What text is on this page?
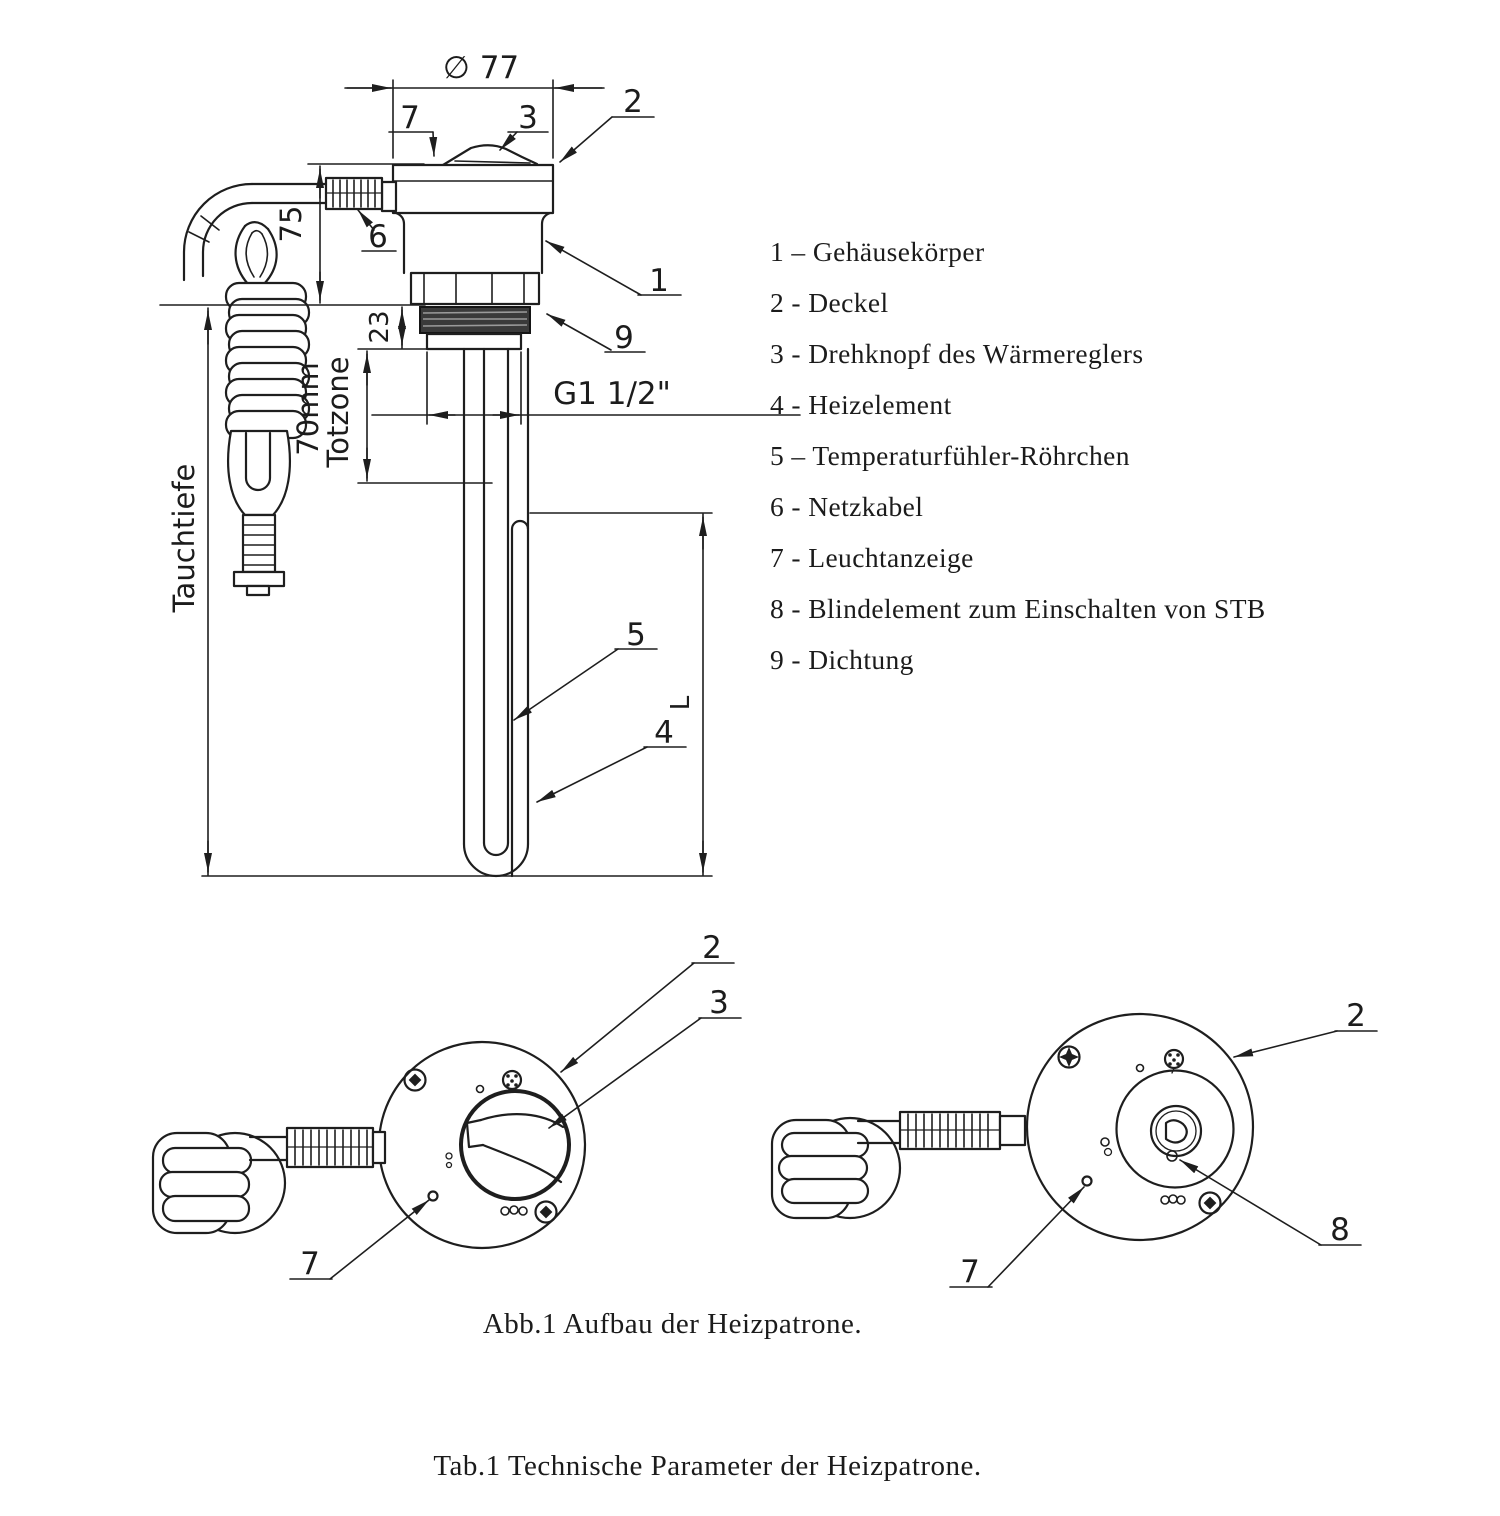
∅ 77
75
23
70mm
Totzone
Tauchtiefe
G1 1/2"
L
7	3	2
1
9
6
5
4
2
3
7
2
8
7
1 – Gehäusekörper
2 - Deckel
3 - Drehknopf des Wärmereglers
4 - Heizelement
5 – Temperaturfühler-Röhrchen
6 - Netzkabel
7 - Leuchtanzeige
8 - Blindelement zum Einschalten von STB
9 - Dichtung
Abb.1 Aufbau der Heizpatrone.
Tab.1 Technische Parameter der Heizpatrone.
